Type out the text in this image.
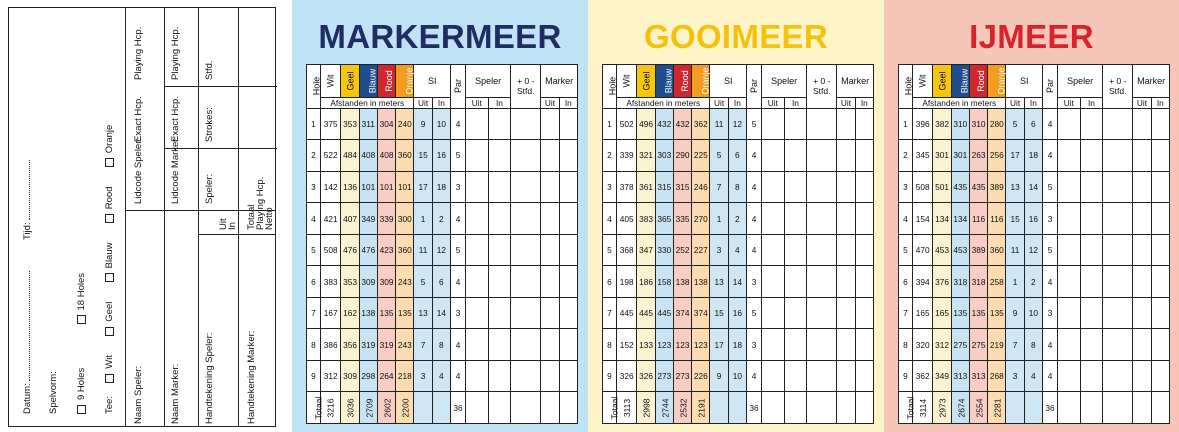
Datum:
Tijd:
Spelvorm: 9 Holes  18 Holes
Tee:  Wit  Geel  Blauw  Rood  Oranje
Naam Speler:
Lidcode Speler:
Exact Hcp.
Playing Hcp.
Naam Marker:
Lidcode Marker:
Exact Hcp.
Playing Hcp.
Handtekening Speler:
Speler:
Strokes:
Stfd.
Uit
In
Handtekening Marker:
Totaal
Playing Hcp.
Netto
MARKERMEER
Hole	Wit	Geel	Blauw	Rood	Oranje	SI	Par	Speler	+ 0 - Stfd.	Marker
Afstanden in meters	Uit	In	Uit	In	Uit	In
1	375	353	311	304	240	9	10	4					
2	522	484	408	408	360	15	16	5					
3	142	136	101	101	101	17	18	3					
4	421	407	349	339	300	1	2	4					
5	508	476	476	423	360	11	12	5					
6	383	353	309	309	243	5	6	4					
7	167	162	138	135	135	13	14	3					
8	386	356	319	319	243	7	8	4					
9	312	309	298	264	218	3	4	4					
Totaal	3216	3036	2709	2602	2200			36					
GOOIMEER
Hole	Wit	Geel	Blauw	Rood	Oranje	SI	Par	Speler	+ 0 - Stfd.	Marker
Afstanden in meters	Uit	In	Uit	In	Uit	In
1	502	496	432	432	362	11	12	5					
2	339	321	303	290	225	5	6	4					
3	378	361	315	315	246	7	8	4					
4	405	383	365	335	270	1	2	4					
5	368	347	330	252	227	3	4	4					
6	198	186	158	138	138	13	14	3					
7	445	445	445	374	374	15	16	5					
8	152	133	123	123	123	17	18	3					
9	326	326	273	273	226	9	10	4					
Totaal	3113	2998	2744	2532	2191			36					
IJMEER
Hole	Wit	Geel	Blauw	Rood	Oranje	SI	Par	Speler	+ 0 - Stfd.	Marker
Afstanden in meters	Uit	In	Uit	In	Uit	In
1	396	382	310	310	280	5	6	4					
2	345	301	301	263	256	17	18	4					
3	508	501	435	435	389	13	14	5					
4	154	134	134	116	116	15	16	3					
5	470	453	453	389	360	11	12	5					
6	394	376	318	318	258	1	2	4					
7	165	165	135	135	135	9	10	3					
8	320	312	275	275	219	7	8	4					
9	362	349	313	313	268	3	4	4					
Totaal	3114	2973	2674	2554	2281			36					
